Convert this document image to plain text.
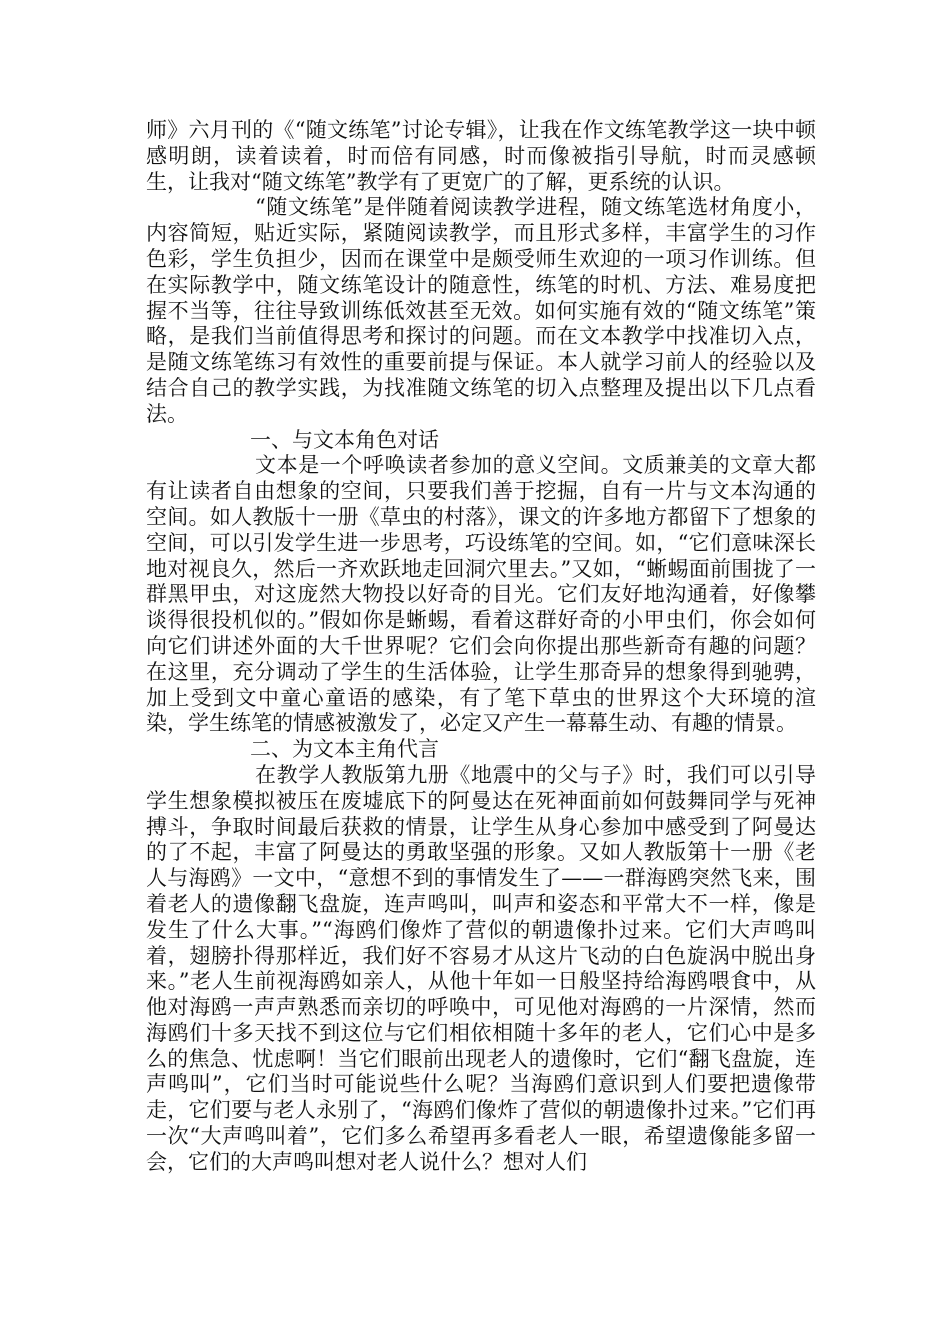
师》六月刊的《“随文练笔”讨论专辑》，让我在作文练笔教学这一块中顿感明朗，读着读着，时而倍有同感，时而像被指引导航，时而灵感顿生，让我对“随文练笔”教学有了更宽广的了解，更系统的认识。

“随文练笔”是伴随着阅读教学进程，随文练笔选材角度小，内容简短，贴近实际，紧随阅读教学，而且形式多样，丰富学生的习作色彩，学生负担少，因而在课堂中是颇受师生欢迎的一项习作训练。但在实际教学中，随文练笔设计的随意性，练笔的时机、方法、难易度把握不当等，往往导致训练低效甚至无效。如何实施有效的“随文练笔”策略，是我们当前值得思考和探讨的问题。而在文本教学中找准切入点，是随文练笔练习有效性的重要前提与保证。本人就学习前人的经验以及结合自己的教学实践，为找准随文练笔的切入点整理及提出以下几点看法。

一、与文本角色对话

文本是一个呼唤读者参加的意义空间。文质兼美的文章大都有让读者自由想象的空间，只要我们善于挖掘，自有一片与文本沟通的空间。如人教版十一册《草虫的村落》，课文的许多地方都留下了想象的空间，可以引发学生进一步思考，巧设练笔的空间。如，“它们意味深长地对视良久，然后一齐欢跃地走回洞穴里去。”又如，“蜥蜴面前围拢了一群黑甲虫，对这庞然大物投以好奇的目光。它们友好地沟通着，好像攀谈得很投机似的。”假如你是蜥蜴，看着这群好奇的小甲虫们，你会如何向它们讲述外面的大千世界呢？它们会向你提出那些新奇有趣的问题？在这里，充分调动了学生的生活体验，让学生那奇异的想象得到驰骋，加上受到文中童心童语的感染，有了笔下草虫的世界这个大环境的渲染，学生练笔的情感被激发了，必定又产生一幕幕生动、有趣的情景。

二、为文本主角代言

在教学人教版第九册《地震中的父与子》时，我们可以引导学生想象模拟被压在废墟底下的阿曼达在死神面前如何鼓舞同学与死神搏斗，争取时间最后获救的情景，让学生从身心参加中感受到了阿曼达的了不起，丰富了阿曼达的勇敢坚强的形象。又如人教版第十一册《老人与海鸥》一文中，“意想不到的事情发生了——一群海鸥突然飞来，围着老人的遗像翻飞盘旋，连声鸣叫，叫声和姿态和平常大不一样，像是发生了什么大事。”“海鸥们像炸了营似的朝遗像扑过来。它们大声鸣叫着，翅膀扑得那样近，我们好不容易才从这片飞动的白色旋涡中脱出身来。”老人生前视海鸥如亲人，从他十年如一日般坚持给海鸥喂食中，从他对海鸥一声声熟悉而亲切的呼唤中，可见他对海鸥的一片深情，然而海鸥们十多天找不到这位与它们相依相随十多年的老人，它们心中是多么的焦急、忧虑啊！当它们眼前出现老人的遗像时，它们“翻飞盘旋，连声鸣叫”，它们当时可能说些什么呢？当海鸥们意识到人们要把遗像带走，它们要与老人永别了，“海鸥们像炸了营似的朝遗像扑过来。”它们再一次“大声鸣叫着”，它们多么希望再多看老人一眼，希望遗像能多留一会，它们的大声鸣叫想对老人说什么？想对人们
